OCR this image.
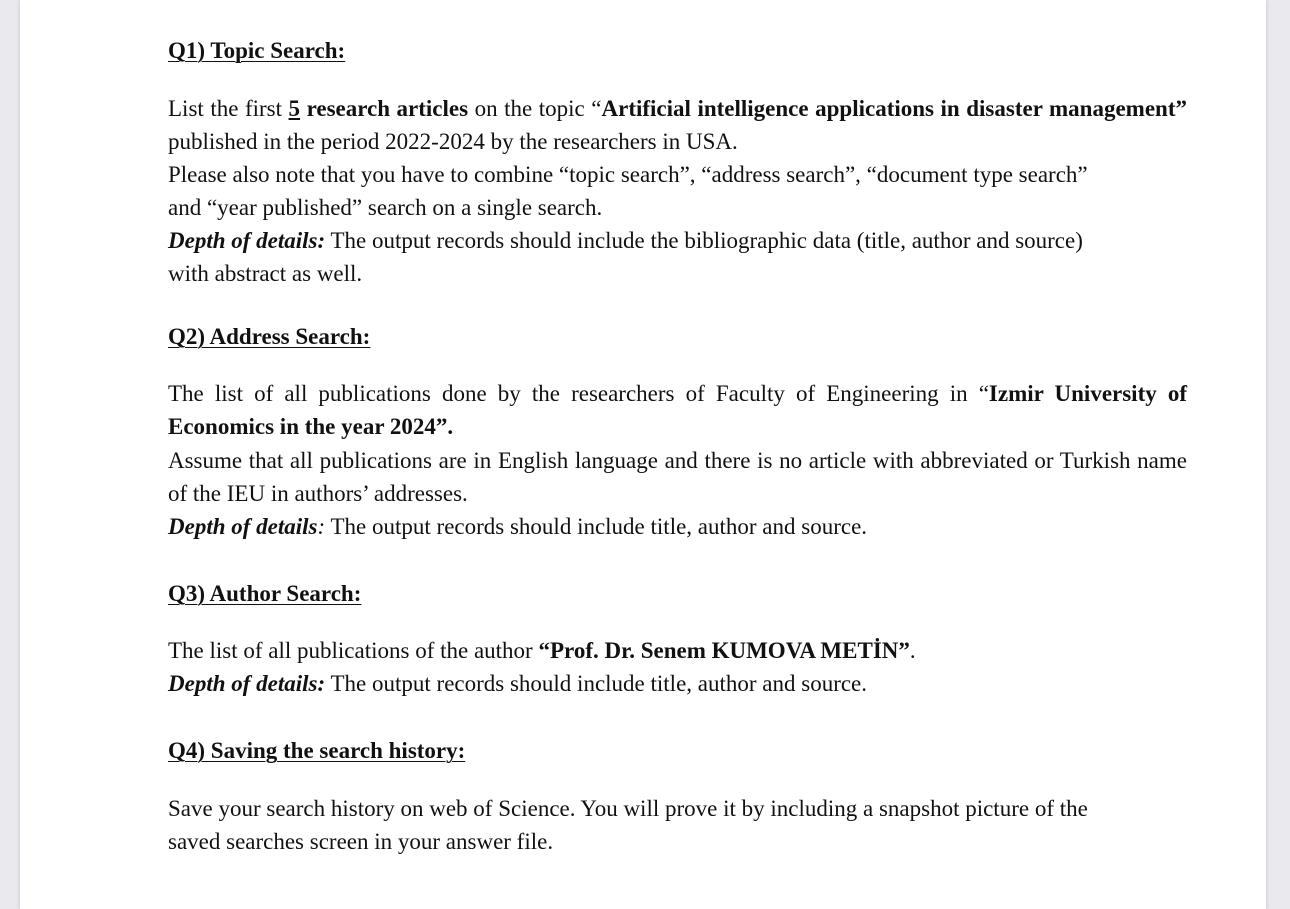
Q1) Topic Search:
List the first 5 research articles on the topic “Artificial intelligence applications in disaster management” published in the period 2022-2024 by the researchers in USA.
Please also note that you have to combine “topic search”, “address search”, “document type search”
and “year published” search on a single search.
Depth of details: The output records should include the bibliographic data (title, author and source)
with abstract as well.
Q2) Address Search:
The list of all publications done by the researchers of Faculty of Engineering in “Izmir University of Economics in the year 2024”.
Assume that all publications are in English language and there is no article with abbreviated or Turkish name of the IEU in authors’ addresses.
Depth of details: The output records should include title, author and source.
Q3) Author Search:
The list of all publications of the author “Prof. Dr. Senem KUMOVA METİN”.
Depth of details: The output records should include title, author and source.
Q4) Saving the search history:
Save your search history on web of Science. You will prove it by including a snapshot picture of the
saved searches screen in your answer file.
